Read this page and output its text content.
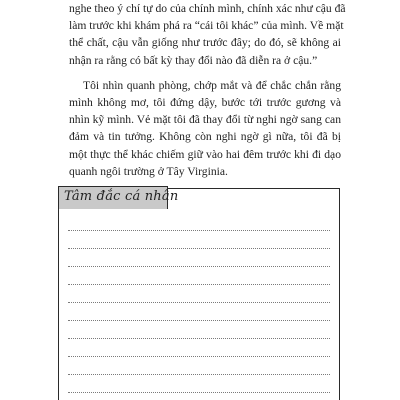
nghe theo ý chí tự do của chính mình, chính xác như cậu đã
làm trước khi khám phá ra “cái tôi khác” của mình. Về mặt
thể chất, cậu vẫn giống như trước đây; do đó, sẽ không ai
nhận ra rằng có bất kỳ thay đổi nào đã diễn ra ở cậu.”

Tôi nhìn quanh phòng, chớp mắt và để chắc chắn rằng
mình không mơ, tôi đứng dậy, bước tới trước gương và
nhìn kỹ mình. Vẻ mặt tôi đã thay đổi từ nghi ngờ sang can
đảm và tin tưởng. Không còn nghi ngờ gì nữa, tôi đã bị
một thực thể khác chiếm giữ vào hai đêm trước khi đi dạo
quanh ngôi trường ở Tây Virginia.

Tâm đắc cá nhân
